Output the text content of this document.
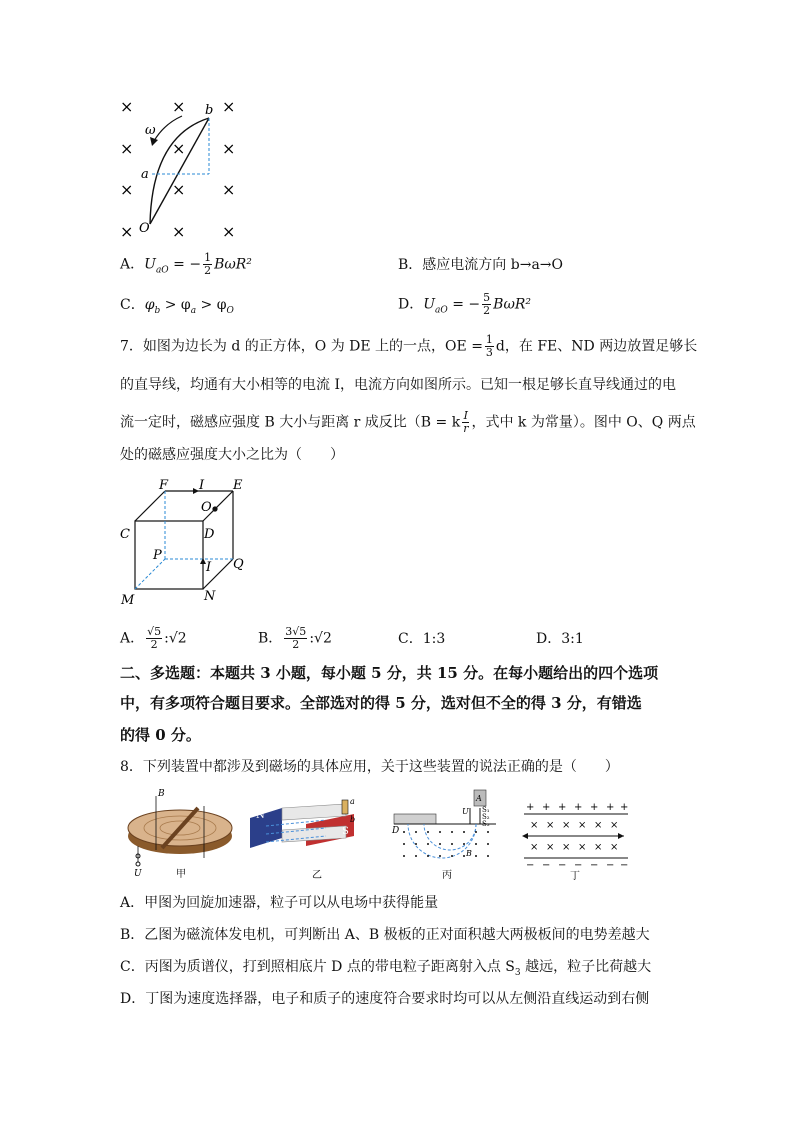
× × ×
× × ×
× × ×
× × ×
ω
b
a
O
A．$U_{aO}$ = − $\frac{1}{2} B\omega R^2$	B．感应电流方向 b→a→O
C．$\varphi_b > \varphi_a > \varphi_O$	D．$U_{aO}$ = − $\frac{5}{2} B\omega R^2$
7．如图为边长为 d 的正方体，O 为 DE 上的一点，OE = $\frac{1}{3}$ d，在 FE、ND 两边放置足够长
的直导线，均通有大小相等的电流 I，电流方向如图所示。已知一根足够长直导线通过的电
流一定时，磁感应强度 B 大小与距离 r 成反比（B = k $\frac{I}{r}$ ，式中 k 为常量）。图中 O、Q 两点
处的磁感应强度大小之比为（　　）
F I E
O
C	D
P
I Q
M	N
A． $\frac{√5}{2}$ :√2	B． $\frac{3√5}{2}$ :√2	C．1:3	D．3:1
二、多选题：本题共 3 小题，每小题 5 分，共 15 分。在每小题给出的四个选项
中，有多项符合题目要求。全部选对的得 5 分，选对但不全的得 3 分，有错选
的得 0 分。
8．下列装置中都涉及到磁场的具体应用，关于这些装置的说法正确的是（　　）
B
U	甲
N
S
a
b
乙
D
A
S₁
S₂
S₃
U
B
丙
+ + + + + + +
× × × × × ×
× × × × × ×
− − − − − − −
丁
A．甲图为回旋加速器，粒子可以从电场中获得能量
B．乙图为磁流体发电机，可判断出 A、B 极板的正对面积越大两极板间的电势差越大
C．丙图为质谱仪，打到照相底片 D 点的带电粒子距离射入点 $S_3$ 越远，粒子比荷越大
D．丁图为速度选择器，电子和质子的速度符合要求时均可以从左侧沿直线运动到右侧
